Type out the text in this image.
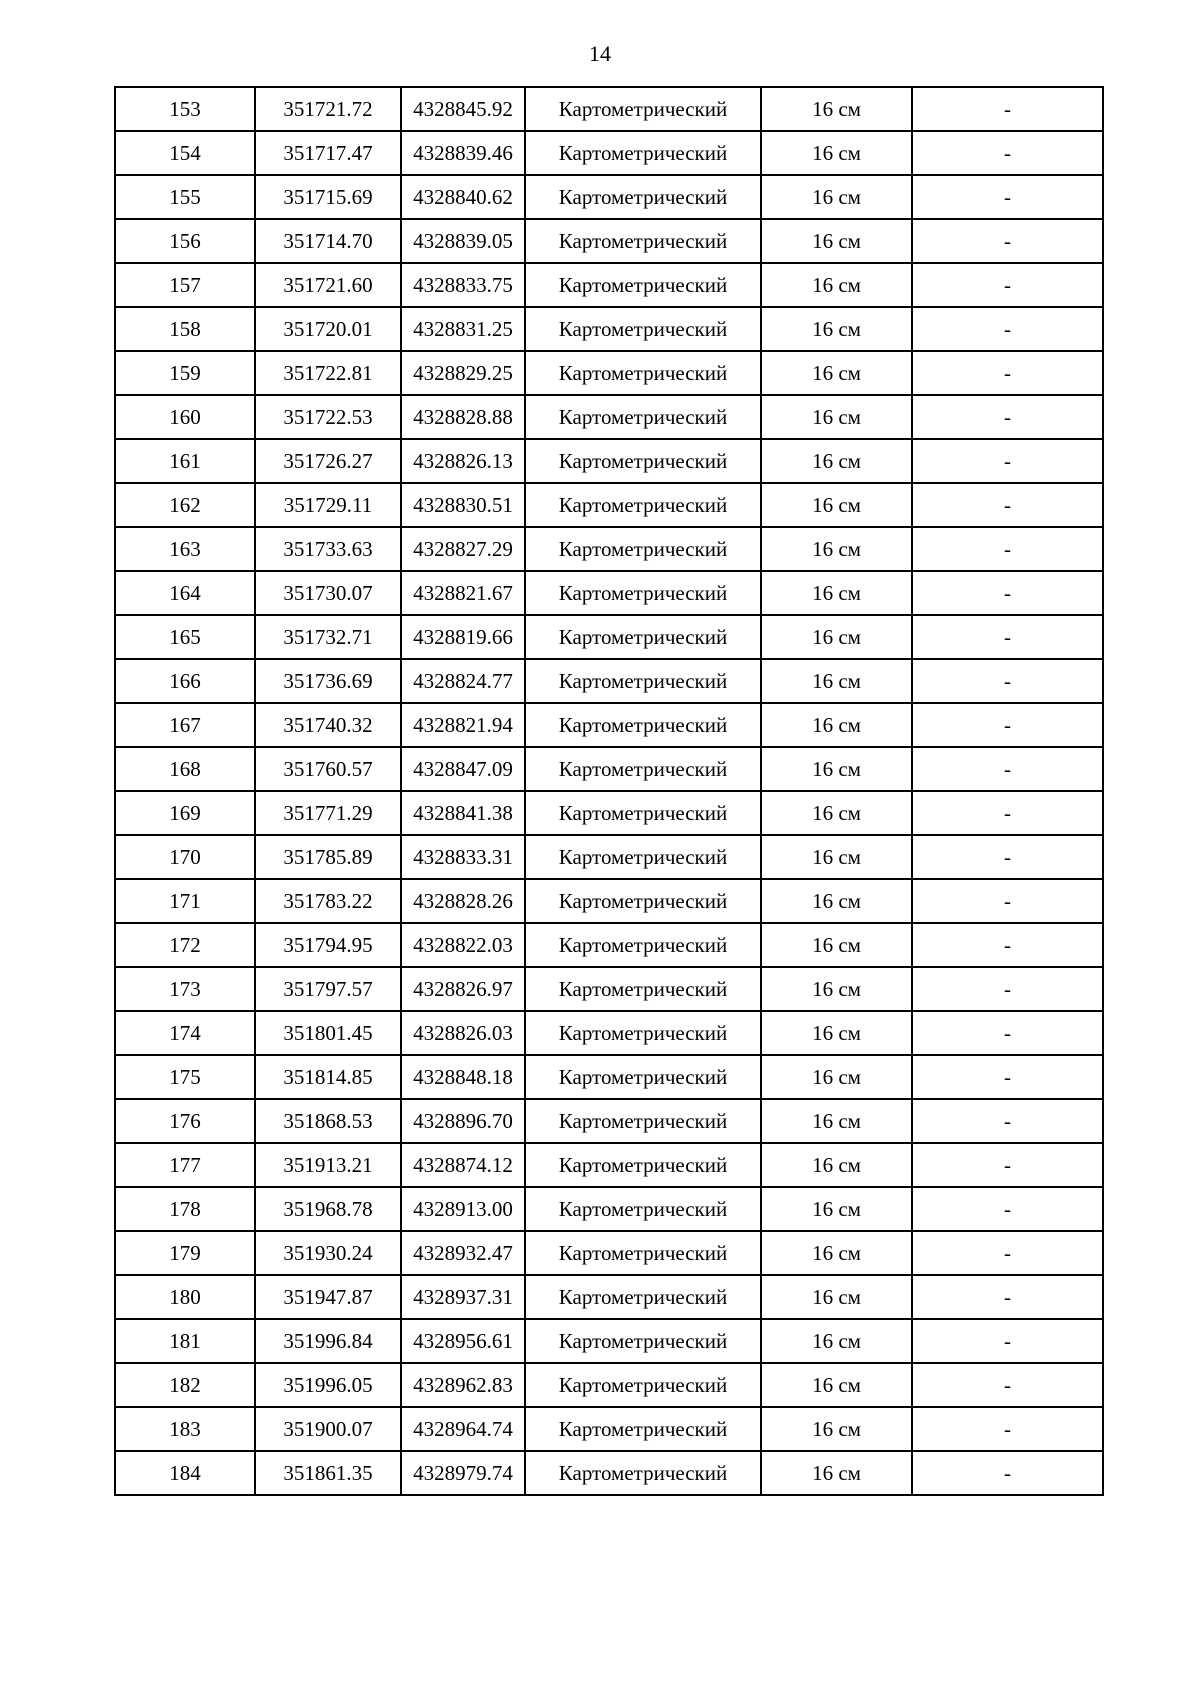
14
153	351721.72	4328845.92	Картометрический	16 см	-
154	351717.47	4328839.46	Картометрический	16 см	-
155	351715.69	4328840.62	Картометрический	16 см	-
156	351714.70	4328839.05	Картометрический	16 см	-
157	351721.60	4328833.75	Картометрический	16 см	-
158	351720.01	4328831.25	Картометрический	16 см	-
159	351722.81	4328829.25	Картометрический	16 см	-
160	351722.53	4328828.88	Картометрический	16 см	-
161	351726.27	4328826.13	Картометрический	16 см	-
162	351729.11	4328830.51	Картометрический	16 см	-
163	351733.63	4328827.29	Картометрический	16 см	-
164	351730.07	4328821.67	Картометрический	16 см	-
165	351732.71	4328819.66	Картометрический	16 см	-
166	351736.69	4328824.77	Картометрический	16 см	-
167	351740.32	4328821.94	Картометрический	16 см	-
168	351760.57	4328847.09	Картометрический	16 см	-
169	351771.29	4328841.38	Картометрический	16 см	-
170	351785.89	4328833.31	Картометрический	16 см	-
171	351783.22	4328828.26	Картометрический	16 см	-
172	351794.95	4328822.03	Картометрический	16 см	-
173	351797.57	4328826.97	Картометрический	16 см	-
174	351801.45	4328826.03	Картометрический	16 см	-
175	351814.85	4328848.18	Картометрический	16 см	-
176	351868.53	4328896.70	Картометрический	16 см	-
177	351913.21	4328874.12	Картометрический	16 см	-
178	351968.78	4328913.00	Картометрический	16 см	-
179	351930.24	4328932.47	Картометрический	16 см	-
180	351947.87	4328937.31	Картометрический	16 см	-
181	351996.84	4328956.61	Картометрический	16 см	-
182	351996.05	4328962.83	Картометрический	16 см	-
183	351900.07	4328964.74	Картометрический	16 см	-
184	351861.35	4328979.74	Картометрический	16 см	-
